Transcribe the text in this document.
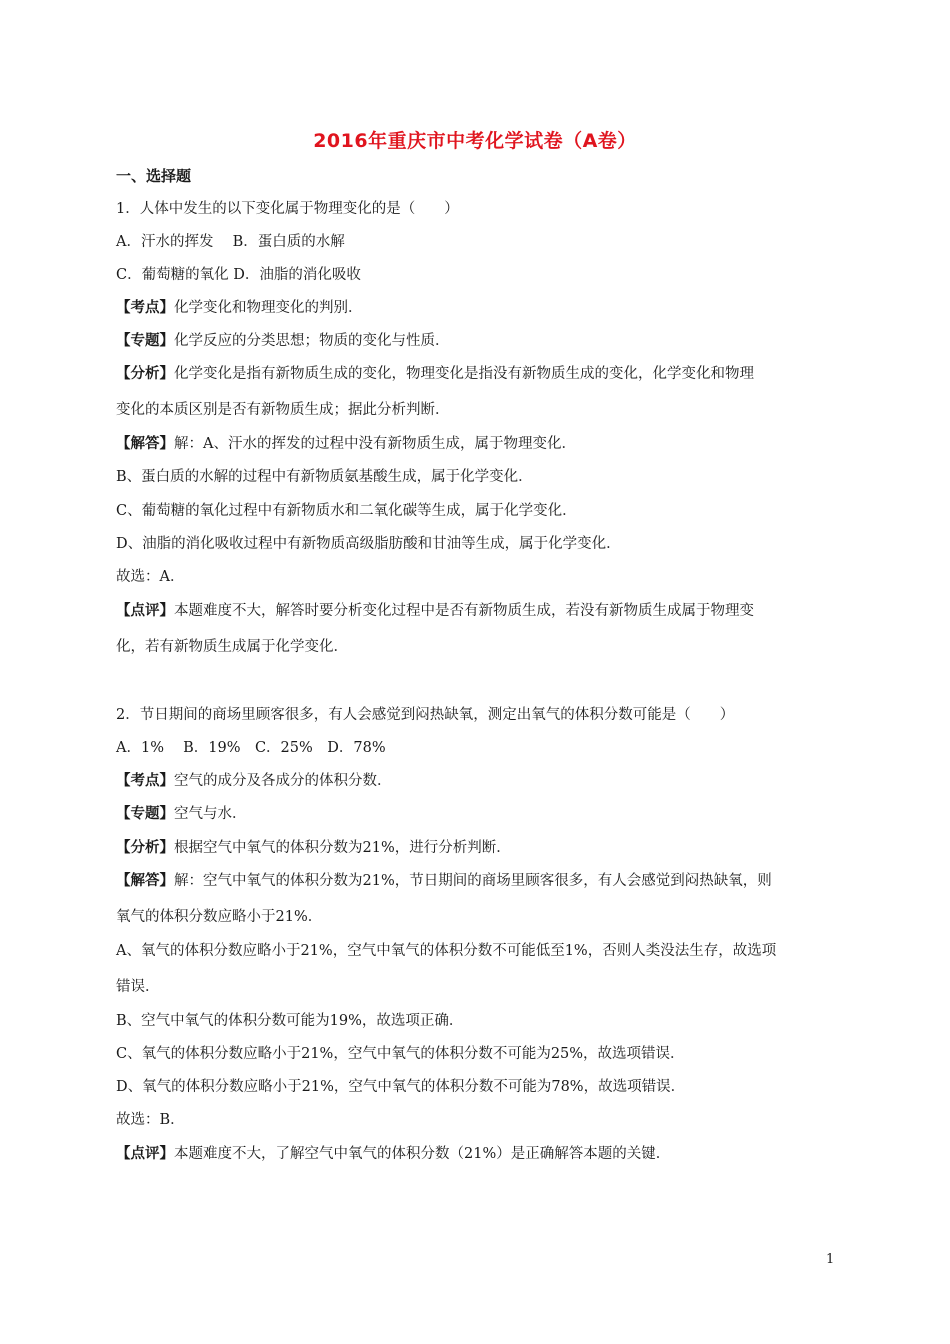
2016年重庆市中考化学试卷（A卷）
一、选择题
1．人体中发生的以下变化属于物理变化的是（　　）
A．汗水的挥发　 B．蛋白质的水解
C．葡萄糖的氧化 D．油脂的消化吸收
【考点】化学变化和物理变化的判别．
【专题】化学反应的分类思想；物质的变化与性质．
【分析】化学变化是指有新物质生成的变化，物理变化是指没有新物质生成的变化，化学变化和物理
变化的本质区别是否有新物质生成；据此分析判断．
【解答】解：A、汗水的挥发的过程中没有新物质生成，属于物理变化．
B、蛋白质的水解的过程中有新物质氨基酸生成，属于化学变化．
C、葡萄糖的氧化过程中有新物质水和二氧化碳等生成，属于化学变化．
D、油脂的消化吸收过程中有新物质高级脂肪酸和甘油等生成，属于化学变化．
故选：A．
【点评】本题难度不大，解答时要分析变化过程中是否有新物质生成，若没有新物质生成属于物理变
化，若有新物质生成属于化学变化．
2．节日期间的商场里顾客很多，有人会感觉到闷热缺氧，测定出氧气的体积分数可能是（　　）
A．1%　 B．19%　C．25%　D．78%
【考点】空气的成分及各成分的体积分数．
【专题】空气与水．
【分析】根据空气中氧气的体积分数为21%，进行分析判断．
【解答】解：空气中氧气的体积分数为21%，节日期间的商场里顾客很多，有人会感觉到闷热缺氧，则
氧气的体积分数应略小于21%．
A、氧气的体积分数应略小于21%，空气中氧气的体积分数不可能低至1%，否则人类没法生存，故选项
错误．
B、空气中氧气的体积分数可能为19%，故选项正确．
C、氧气的体积分数应略小于21%，空气中氧气的体积分数不可能为25%，故选项错误．
D、氧气的体积分数应略小于21%，空气中氧气的体积分数不可能为78%，故选项错误．
故选：B．
【点评】本题难度不大，了解空气中氧气的体积分数（21%）是正确解答本题的关键．
1
